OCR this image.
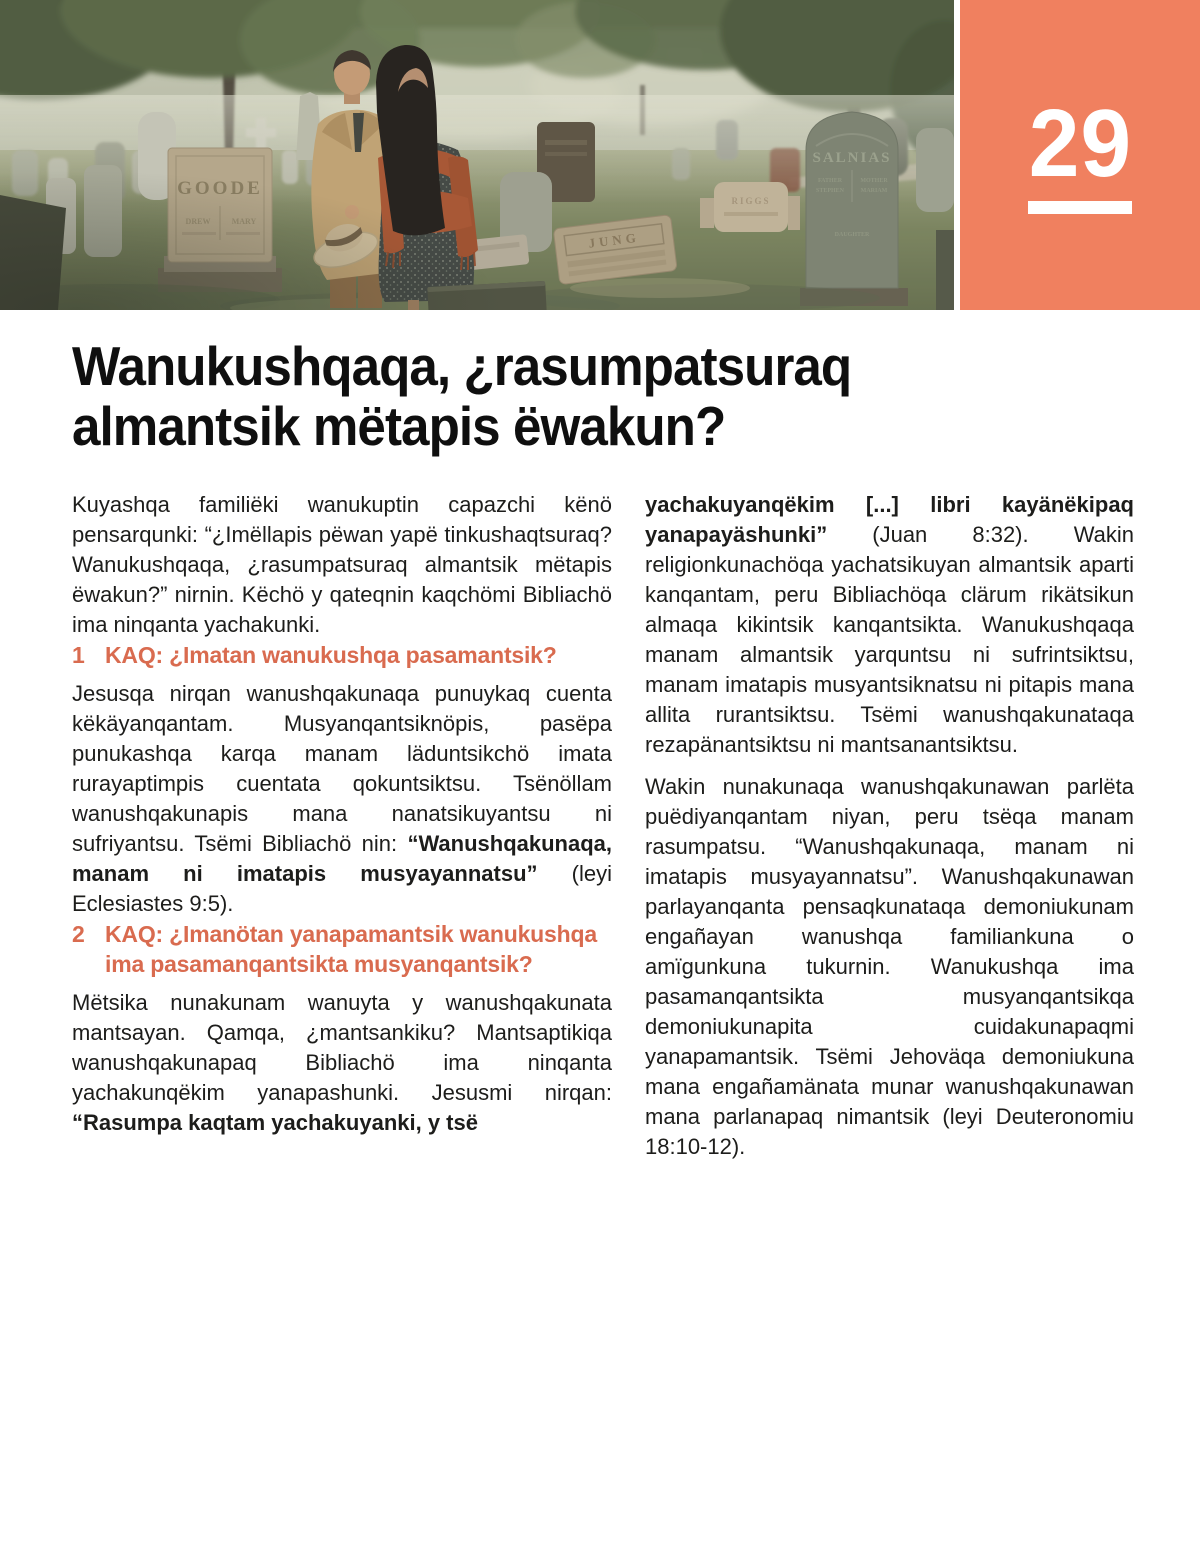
29
Wanukushqaqa, ¿rasumpatsuraq almantsik mëtapis ëwakun?

Kuyashqa familiëki wanukuptin capazchi kënö pensarqunki: “¿Imëllapis pëwan yapë tinkushaqtsuraq? Wanukushqaqa, ¿rasumpatsuraq almantsik mëtapis ëwakun?” nirnin. Këchö y qateqnin kaqchömi Bibliachö ima ninqanta yachakunki.

1 KAQ: ¿Imatan wanukushqa pasamantsik?

Jesusqa nirqan wanushqakunaqa punuykaq cuenta këkäyanqantam. Musyanqantsiknöpis, pasëpa punukashqa karqa manam läduntsikchö imata rurayaptimpis cuentata qokuntsiktsu. Tsënöllam wanushqakunapis mana nanatsikuyantsu ni sufriyantsu. Tsëmi Bibliachö nin: “Wanushqakunaqa, manam ni imatapis musyayannatsu” (leyi Eclesiastes 9:5).

2 KAQ: ¿Imanötan yanapamantsik wanukushqa ima pasamanqantsikta musyanqantsik?

Mëtsika nunakunam wanuyta y wanushqakunata mantsayan. Qamqa, ¿mantsankiku? Mantsaptikiqa wanushqakunapaq Bibliachö ima ninqanta yachakunqëkim yanapashunki. Jesusmi nirqan: “Rasumpa kaqtam yachakuyanki, y tsë

yachakuyanqëkim [...] libri kayänëkipaq yanapayäshunki” (Juan 8:32). Wakin religionkunachöqa yachatsikuyan almantsik aparti kanqantam, peru Bibliachöqa clärum rikätsikun almaqa kikintsik kanqantsikta. Wanukushqaqa manam almantsik yarquntsu ni sufrintsiktsu, manam imatapis musyantsiknatsu ni pitapis mana allita rurantsiktsu. Tsëmi wanushqakunataqa rezapänantsiktsu ni mantsanantsiktsu.

Wakin nunakunaqa wanushqakunawan parlëta puëdiyanqantam niyan, peru tsëqa manam rasumpatsu. “Wanushqakunaqa, manam ni imatapis musyayannatsu”. Wanushqakunawan parlayanqanta pensaqkunataqa demoniukunam engañayan wanushqa familiankuna o amïgunkuna tukurnin. Wanukushqa ima pasamanqantsikta musyanqantsikqa demoniukunapita cuidakunapaqmi yanapamantsik. Tsëmi Jehoväqa demoniukuna mana engañamänata munar wanushqakunawan mana parlanapaq nimantsik (leyi Deuteronomiu 18:10-12).
